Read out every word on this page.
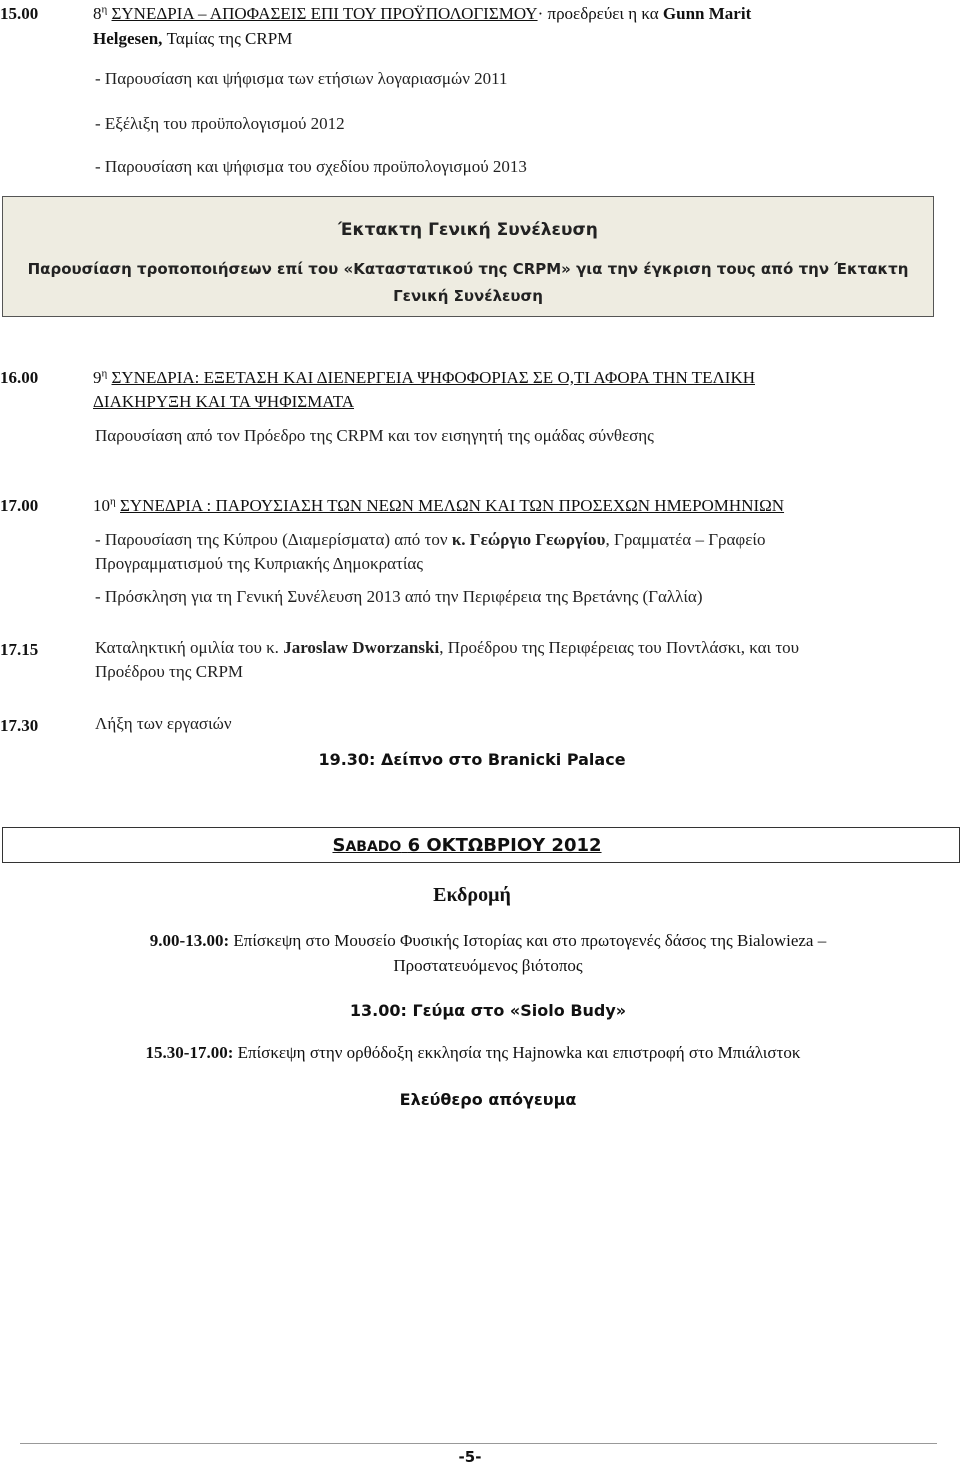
15.00	$8^\eta$ ΣΥΝΕΔΡΙΑ – ΑΠΟΦΑΣΕΙΣ ΕΠΙ ΤΟΥ ΠΡΟΫΠΟΛΟΓΙΣΜΟΥ· προεδρεύει η κα Gunn Marit
Helgesen, Ταμίας της CRPM
- Παρουσίαση και ψήφισμα των ετήσιων λογαριασμών 2011
- Εξέλιξη του προϋπολογισμού 2012
- Παρουσίαση και ψήφισμα του σχεδίου προϋπολογισμού 2013
Έκτακτη Γενική Συνέλευση
Παρουσίαση τροποποιήσεων επί του «Καταστατικού της CRPM» για την έγκριση τους από την Έκτακτη
Γενική Συνέλευση
16.00	$9^\eta$ ΣΥΝΕΔΡΙΑ: ΕΞΕΤΑΣΗ ΚΑΙ ΔΙΕΝΕΡΓΕΙΑ ΨΗΦΟΦΟΡΙΑΣ ΣΕ Ο,ΤΙ ΑΦΟΡΑ ΤΗΝ ΤΕΛΙΚΗ
ΔΙΑΚΗΡΥΞΗ ΚΑΙ ΤΑ ΨΗΦΙΣΜΑΤΑ
Παρουσίαση από τον Πρόεδρο της CRPM και τον εισηγητή της ομάδας σύνθεσης
17.00	$10^\eta$ ΣΥΝΕΔΡΙΑ : ΠΑΡΟΥΣΙΑΣΗ ΤΩΝ ΝΕΩΝ ΜΕΛΩΝ ΚΑΙ ΤΩΝ ΠΡΟΣΕΧΩΝ ΗΜΕΡΟΜΗΝΙΩΝ
- Παρουσίαση της Κύπρου (Διαμερίσματα) από τον κ. Γεώργιο Γεωργίου, Γραμματέα – Γραφείο
Προγραμματισμού της Κυπριακής Δημοκρατίας
- Πρόσκληση για τη Γενική Συνέλευση 2013 από την Περιφέρεια της Βρετάνης (Γαλλία)
17.15	Καταληκτική ομιλία του κ. Jaroslaw Dworzanski, Προέδρου της Περιφέρειας του Ποντλάσκι, και του
Προέδρου της CRPM
17.30	Λήξη των εργασιών
19.30: Δείπνο στο Branicki Palace
SABADO 6 ΟΚΤΩΒΡΙΟΥ 2012
Εκδρομή
9.00-13.00: Επίσκεψη στο Μουσείο Φυσικής Ιστορίας και στο πρωτογενές δάσος της Bialowieza –
Προστατευόμενος βιότοπος
13.00: Γεύμα στο «Siolo Budy»
15.30-17.00: Επίσκεψη στην ορθόδοξη εκκλησία της Hajnowka και επιστροφή στο Μπιάλιστοκ
Ελεύθερο απόγευμα
-5-
